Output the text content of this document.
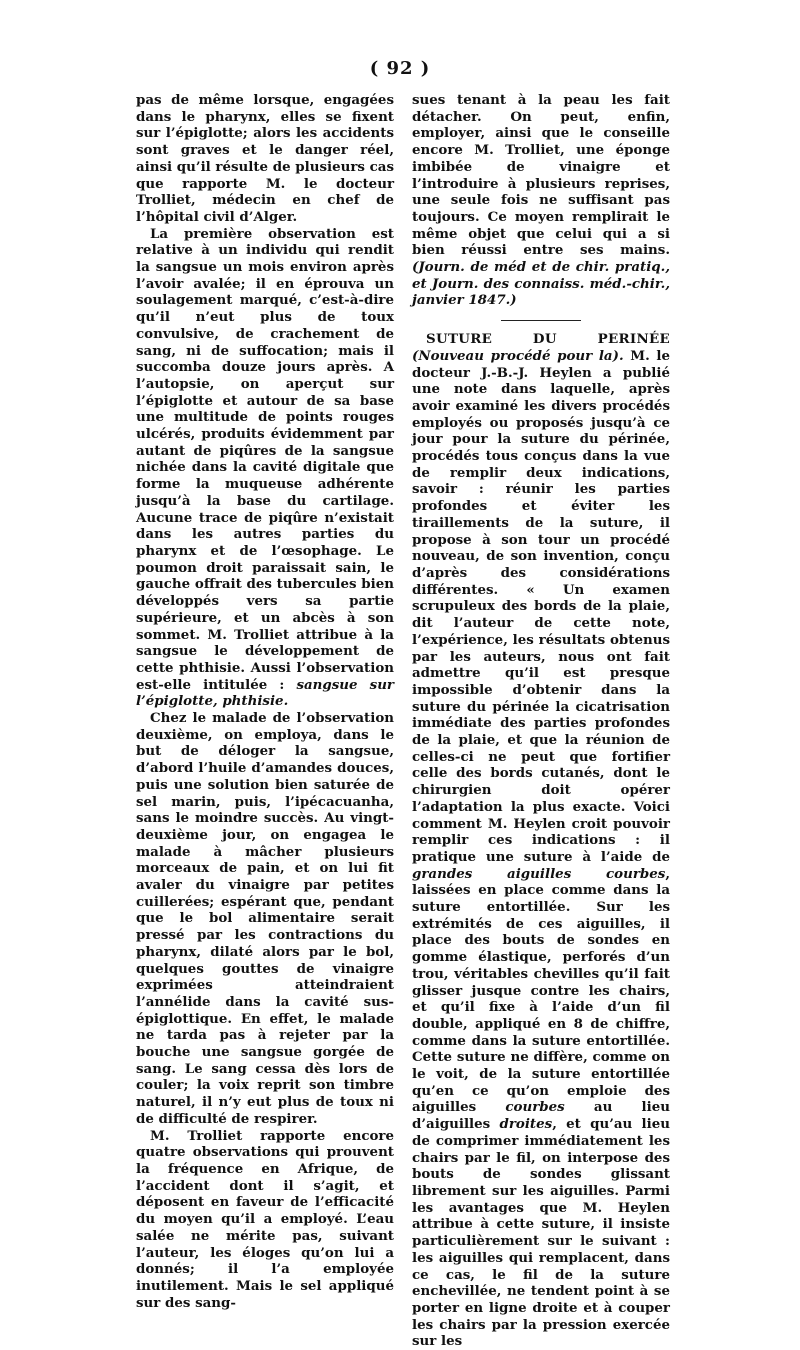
( 92 )

pas de même lorsque, engagées dans le pharynx, elles se fixent sur l’épiglotte; alors les accidents sont graves et le danger réel, ainsi qu’il résulte de plusieurs cas que rapporte M. le docteur Trolliet, médecin en chef de l’hôpital civil d’Alger.

La première observation est relative à un individu qui rendit la sangsue un mois environ après l’avoir avalée; il en éprouva un soulagement marqué, c’est-à-dire qu’il n’eut plus de toux convulsive, de crachement de sang, ni de suffocation; mais il succomba douze jours après. A l’autopsie, on aperçut sur l’épiglotte et autour de sa base une multitude de points rouges ulcérés, produits évidemment par autant de piqûres de la sangsue nichée dans la cavité digitale que forme la muqueuse adhérente jusqu’à la base du cartilage. Aucune trace de piqûre n’existait dans les autres parties du pharynx et de l’œsophage. Le poumon droit paraissait sain, le gauche offrait des tubercules bien développés vers sa partie supérieure, et un abcès à son sommet. M. Trolliet attribue à la sangsue le développement de cette phthisie. Aussi l’observation est-elle intitulée : sangsue sur l’épiglotte, phthisie.

Chez le malade de l’observation deuxième, on employa, dans le but de déloger la sangsue, d’abord l’huile d’amandes douces, puis une solution bien saturée de sel marin, puis, l’ipécacuanha, sans le moindre succès. Au vingt-deuxième jour, on engagea le malade à mâcher plusieurs morceaux de pain, et on lui fit avaler du vinaigre par petites cuillerées; espérant que, pendant que le bol alimentaire serait pressé par les contractions du pharynx, dilaté alors par le bol, quelques gouttes de vinaigre exprimées atteindraient l’annélide dans la cavité sus-épiglottique. En effet, le malade ne tarda pas à rejeter par la bouche une sangsue gorgée de sang. Le sang cessa dès lors de couler; la voix reprit son timbre naturel, il n’y eut plus de toux ni de difficulté de respirer.

M. Trolliet rapporte encore quatre observations qui prouvent la fréquence en Afrique, de l’accident dont il s’agit, et déposent en faveur de l’efficacité du moyen qu’il a employé. L’eau salée ne mérite pas, suivant l’auteur, les éloges qu’on lui a donnés; il l’a employée inutilement. Mais le sel appliqué sur des sang-

sues tenant à la peau les fait détacher. On peut, enfin, employer, ainsi que le conseille encore M. Trolliet, une éponge imbibée de vinaigre et l’introduire à plusieurs reprises, une seule fois ne suffisant pas toujours. Ce moyen remplirait le même objet que celui qui a si bien réussi entre ses mains. (Journ. de méd et de chir. pratiq., et Journ. des connaiss. méd.-chir., janvier 1847.)

SUTURE DU PERINÉE (Nouveau procédé pour la). M. le docteur J.-B.-J. Heylen a publié une note dans laquelle, après avoir examiné les divers procédés employés ou proposés jusqu’à ce jour pour la suture du périnée, procédés tous conçus dans la vue de remplir deux indications, savoir : réunir les parties profondes et éviter les tiraillements de la suture, il propose à son tour un procédé nouveau, de son invention, conçu d’après des considérations différentes. « Un examen scrupuleux des bords de la plaie, dit l’auteur de cette note, l’expérience, les résultats obtenus par les auteurs, nous ont fait admettre qu’il est presque impossible d’obtenir dans la suture du périnée la cicatrisation immédiate des parties profondes de la plaie, et que la réunion de celles-ci ne peut que fortifier celle des bords cutanés, dont le chirurgien doit opérer l’adaptation la plus exacte. Voici comment M. Heylen croit pouvoir remplir ces indications : il pratique une suture à l’aide de grandes aiguilles courbes, laissées en place comme dans la suture entortillée. Sur les extrémités de ces aiguilles, il place des bouts de sondes en gomme élastique, perforés d’un trou, véritables chevilles qu’il fait glisser jusque contre les chairs, et qu’il fixe à l’aide d’un fil double, appliqué en 8 de chiffre, comme dans la suture entortillée. Cette suture ne diffère, comme on le voit, de la suture entortillée qu’en ce qu’on emploie des aiguilles courbes au lieu d’aiguilles droites, et qu’au lieu de comprimer immédiatement les chairs par le fil, on interpose des bouts de sondes glissant librement sur les aiguilles. Parmi les avantages que M. Heylen attribue à cette suture, il insiste particulièrement sur le suivant : les aiguilles qui remplacent, dans ce cas, le fil de la suture enchevillée, ne tendent point à se porter en ligne droite et à couper les chairs par la pression exercée sur les
